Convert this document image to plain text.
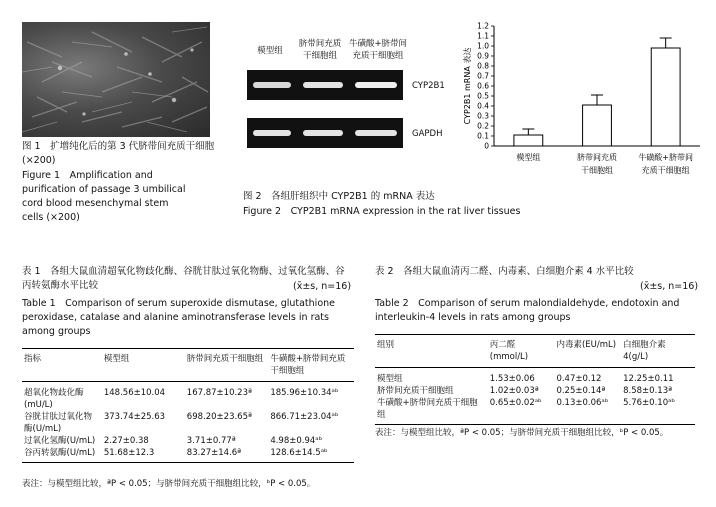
图 1　扩增纯化后的第 3 代脐带间充质干细胞(×200)
Figure 1　Amplification and purification of passage 3 umbilical cord blood mesenchymal stem cells (×200)
模型组
脐带间充质干细胞组
牛磺酸+脐带间充质干细胞组
CYP2B1
GAPDH
0
0.1
0.2
0.3
0.4
0.5
0.6
0.7
0.8
0.9
1.0
1.1
1.2
模型组	脐带间充质
干细胞组
牛磺酸+脐带间
充质干细胞组
CYP2B1 mRNA 表达
图 2　各组肝组织中 CYP2B1 的 mRNA 表达
Figure 2　CYP2B1 mRNA expression in the rat liver tissues
表 1　各组大鼠血清超氧化物歧化酶、谷胱甘肽过氧化物酶、过氧化氢酶、谷丙转氨酶水平比较	(x̄±s, n=16)
Table 1　Comparison of serum superoxide dismutase, glutathione peroxidase, catalase and alanine aminotransferase levels in rats among groups
指标	模型组	脐带间充质干细胞组	牛磺酸+脐带间充质干细胞组
超氧化物歧化酶(mU/L)	148.56±10.04	167.87±10.23ª	185.96±10.34ᵃᵇ
谷胱甘肽过氧化物酶(U/mL)	373.74±25.63	698.20±23.65ª	866.71±23.04ᵃᵇ
过氧化氢酶(U/mL)	2.27±0.38	3.71±0.77ª	4.98±0.94ᵃᵇ
谷丙转氨酶(U/mL)	51.68±12.3	83.27±14.6ª	128.6±14.5ᵃᵇ
表注：与模型组比较，ªP < 0.05；与脐带间充质干细胞组比较，ᵇP < 0.05。
表 2　各组大鼠血清丙二醛、内毒素、白细胞介素 4 水平比较
(x̄±s, n=16)
Table 2　Comparison of serum malondialdehyde, endotoxin and interleukin-4 levels in rats among groups
组别	丙二醛(mmol/L)	内毒素(EU/mL)	白细胞介素 4(g/L)
模型组	1.53±0.06	0.47±0.12	12.25±0.11
脐带间充质干细胞组	1.02±0.03ª	0.25±0.14ª	8.58±0.13ª
牛磺酸+脐带间充质干细胞组	0.65±0.02ᵃᵇ	0.13±0.06ᵃᵇ	5.76±0.10ᵃᵇ
表注：与模型组比较，ªP < 0.05；与脐带间充质干细胞组比较，ᵇP < 0.05。
